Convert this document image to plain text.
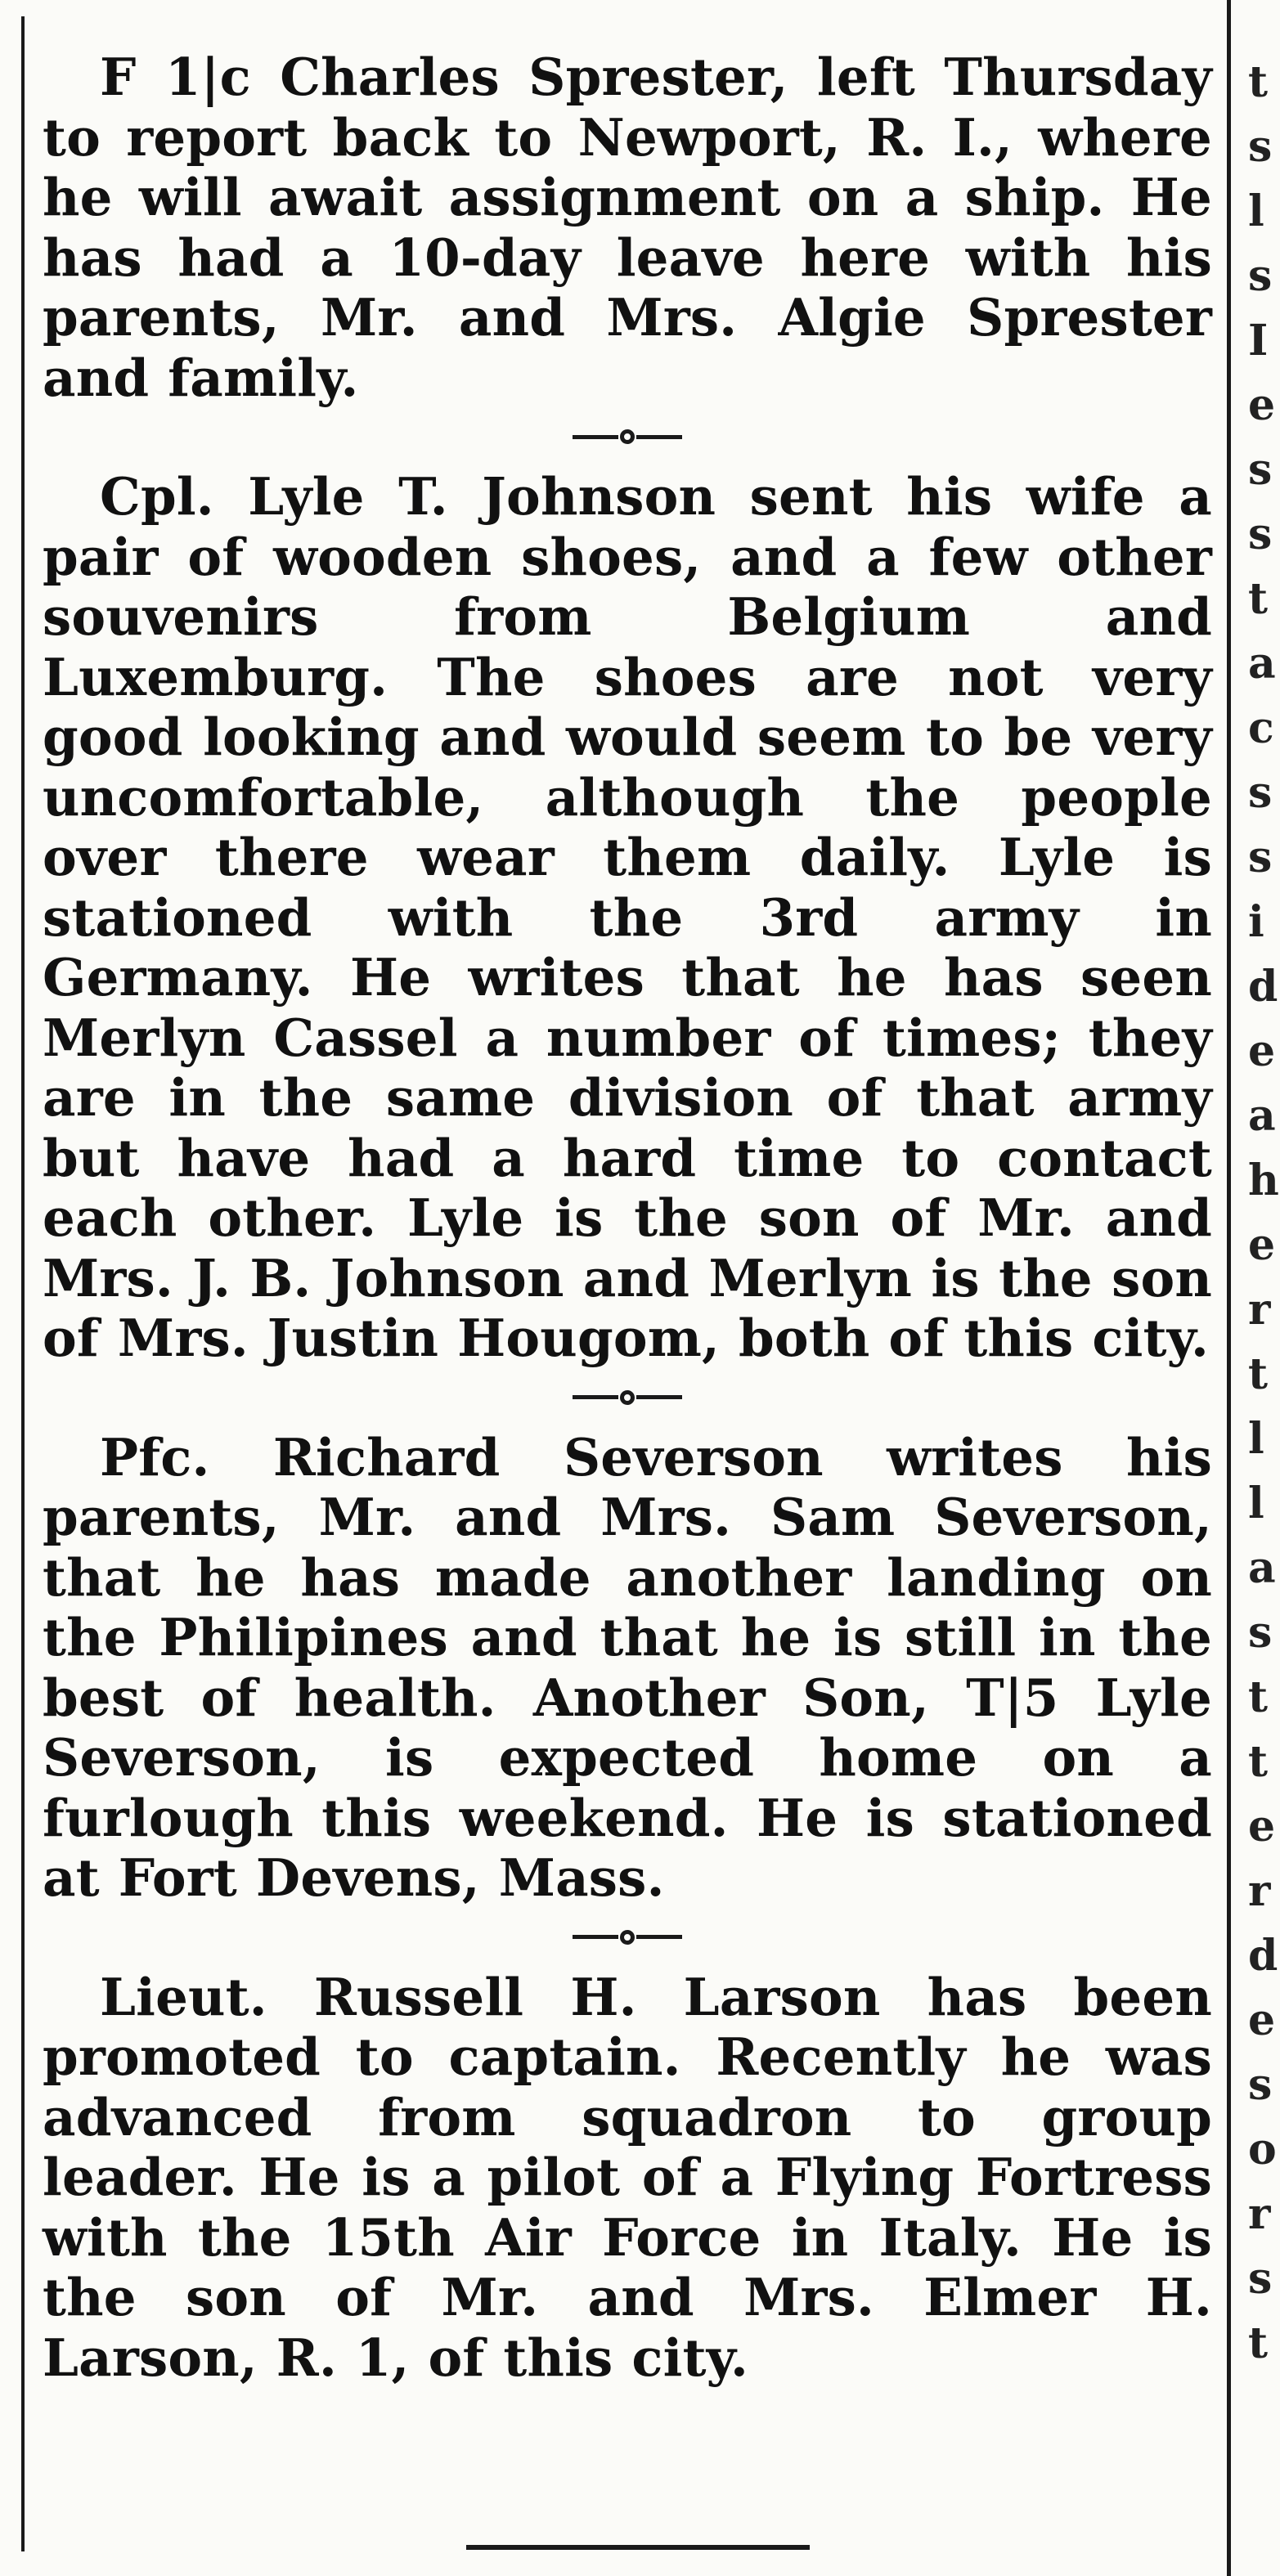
t
s
l
s
I
e
s
s
t
a
c
s
s
i
d
e
a
h
e
r
t
l
l
a
s
t
t
e
r
d
e
s
o
r
s
t

F 1|c Charles Sprester, left Thursday to report back to Newport, R. I., where he will await assignment on a ship. He has had a 10-day leave here with his parents, Mr. and Mrs. Algie Sprester and family.

Cpl. Lyle T. Johnson sent his wife a pair of wooden shoes, and a few other souvenirs from Belgium and Luxemburg. The shoes are not very good looking and would seem to be very uncomfortable, although the people over there wear them daily. Lyle is stationed with the 3rd army in Germany. He writes that he has seen Merlyn Cassel a number of times; they are in the same division of that army but have had a hard time to contact each other. Lyle is the son of Mr. and Mrs. J. B. Johnson and Merlyn is the son of Mrs. Justin Hougom, both of this city.

Pfc. Richard Severson writes his parents, Mr. and Mrs. Sam Severson, that he has made another landing on the Philipines and that he is still in the best of health. Another Son, T|5 Lyle Severson, is expected home on a furlough this weekend. He is stationed at Fort Devens, Mass.

Lieut. Russell H. Larson has been promoted to captain. Recently he was advanced from squadron to group leader. He is a pilot of a Flying Fortress with the 15th Air Force in Italy. He is the son of Mr. and Mrs. Elmer H. Larson, R. 1, of this city.
